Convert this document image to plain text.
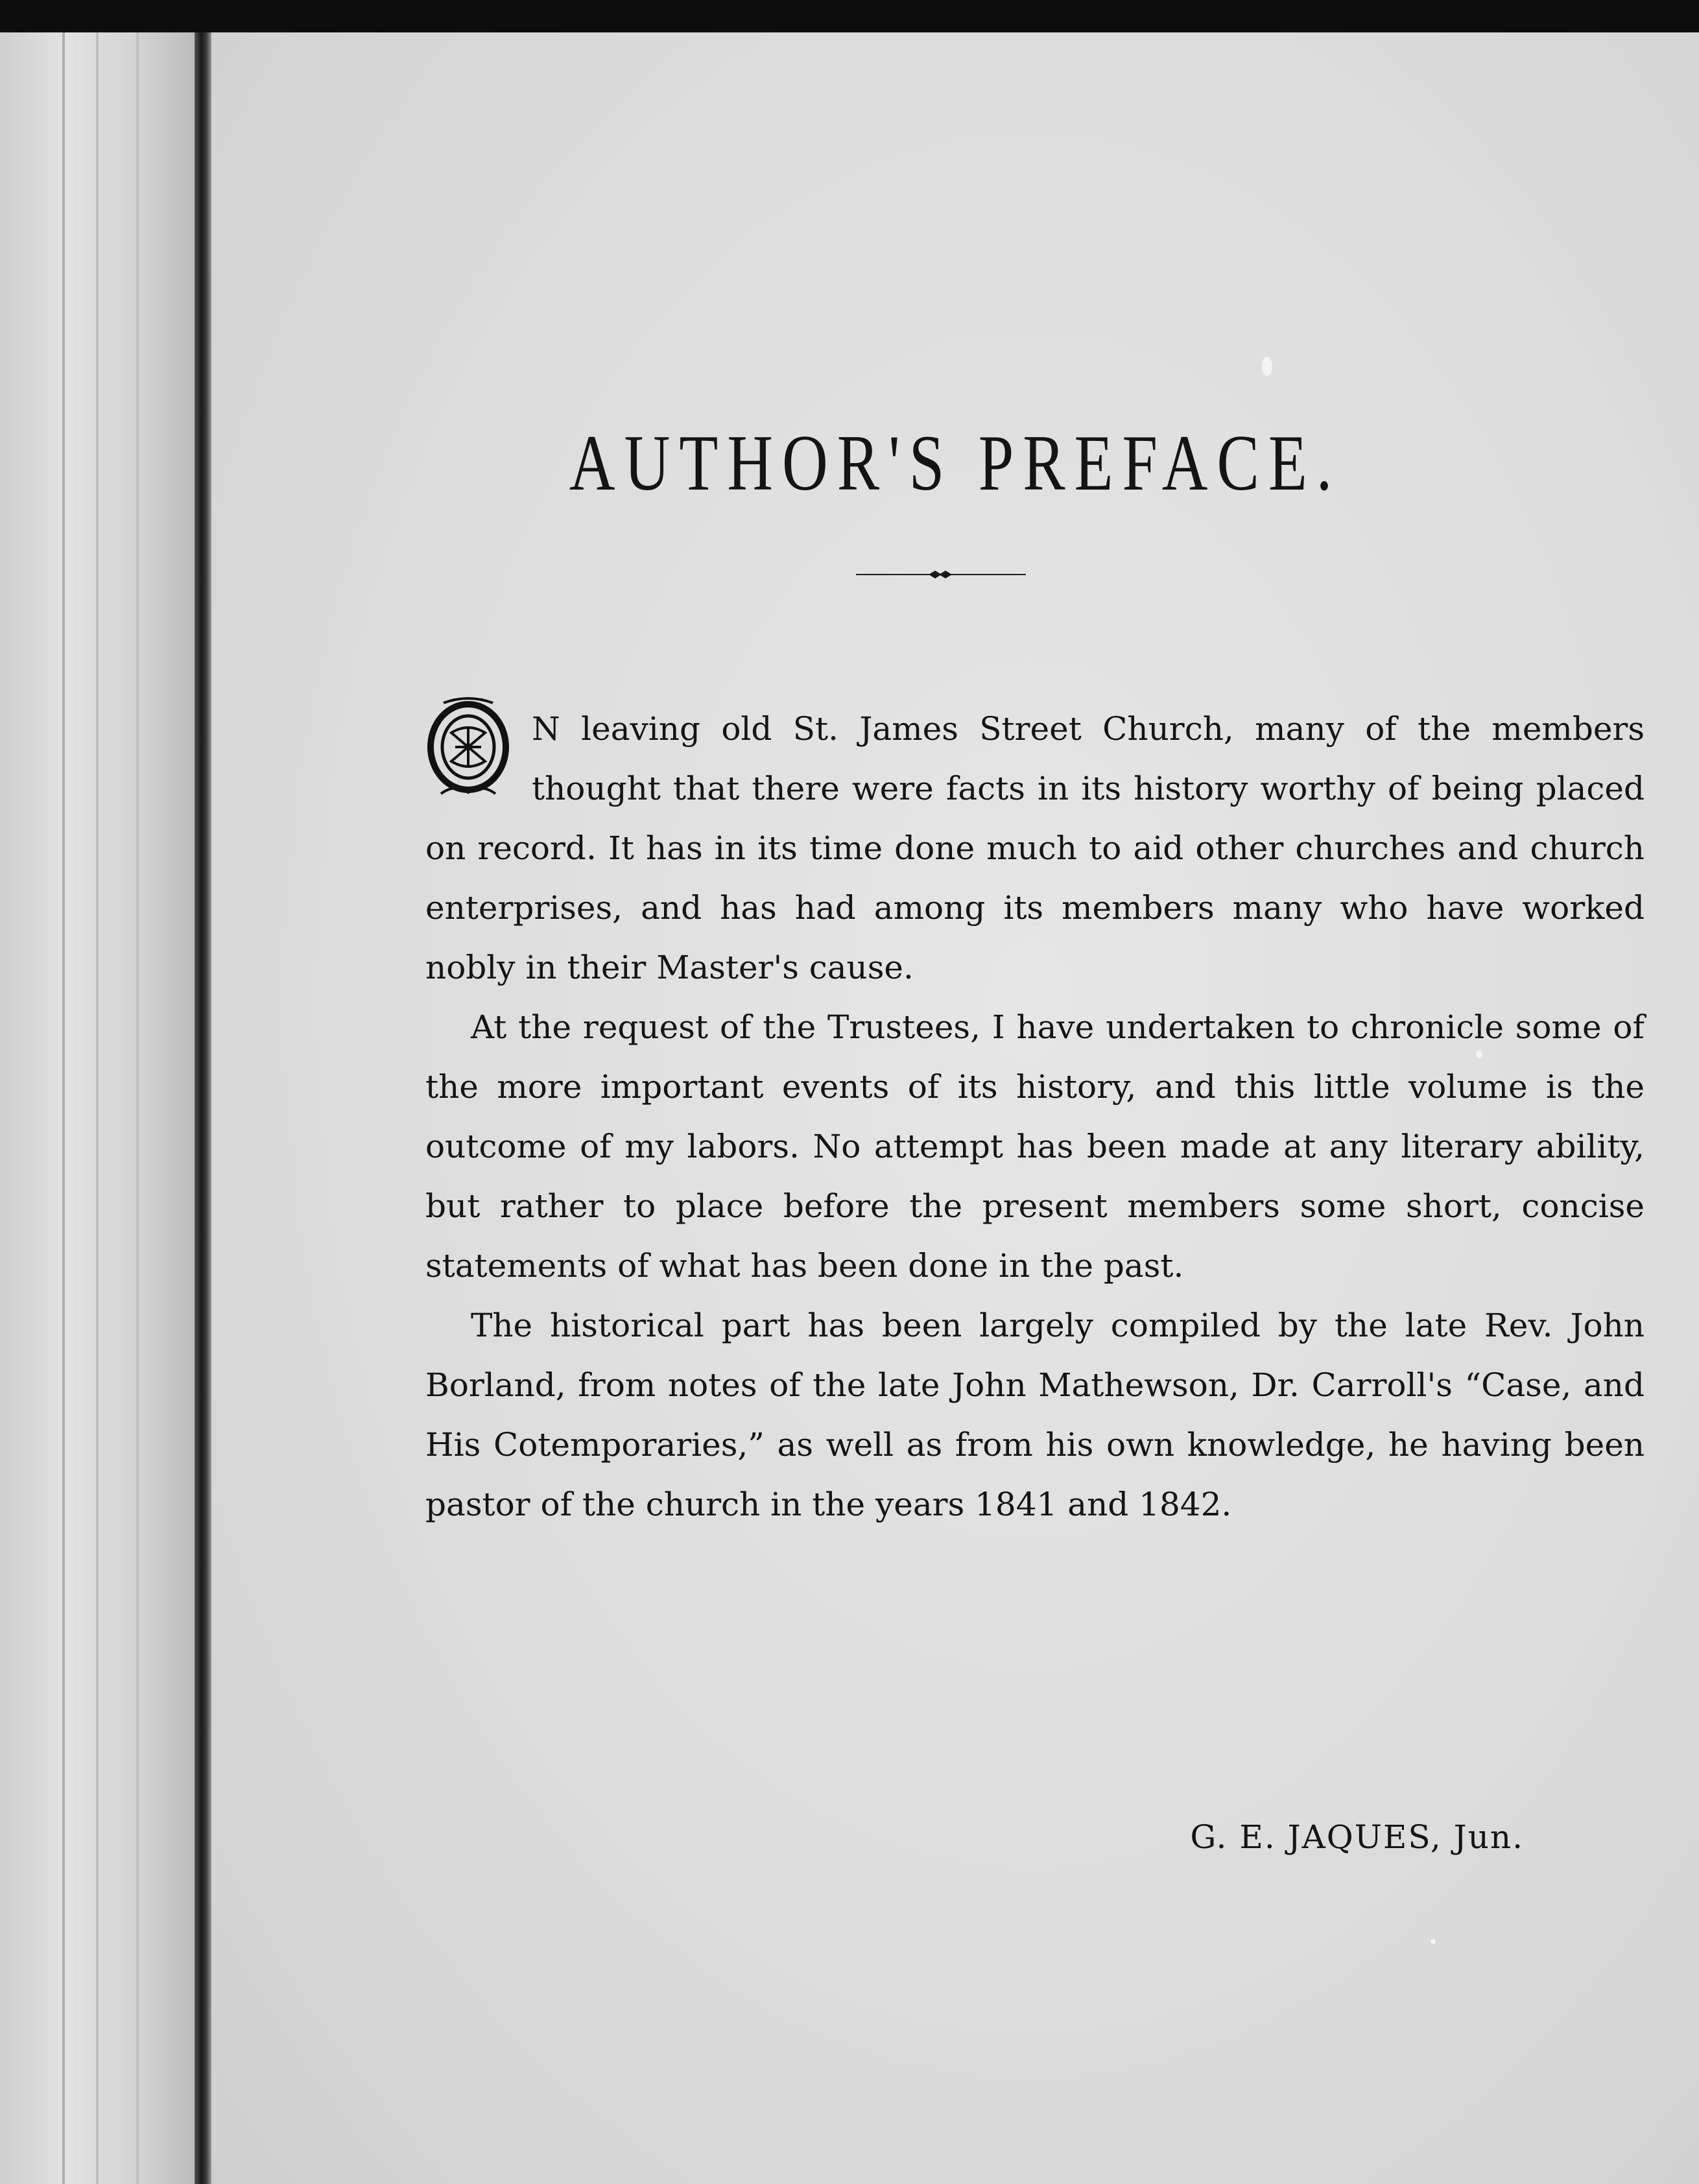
AUTHOR'S PREFACE.

O
N leaving old St. James Street Church, many of the members thought that there were facts in its history worthy of being placed on record. It has in its time done much to aid other churches and church enterprises, and has had among its members many who have worked nobly in their Master's cause.

At the request of the Trustees, I have undertaken to chronicle some of the more important events of its history, and this little volume is the outcome of my labors. No attempt has been made at any literary ability, but rather to place before the present members some short, concise statements of what has been done in the past.

The historical part has been largely compiled by the late Rev. John Borland, from notes of the late John Mathewson, Dr. Carroll's “Case, and His Cotemporaries,” as well as from his own knowledge, he having been pastor of the church in the years 1841 and 1842.

G. E. JAQUES, Jun.
